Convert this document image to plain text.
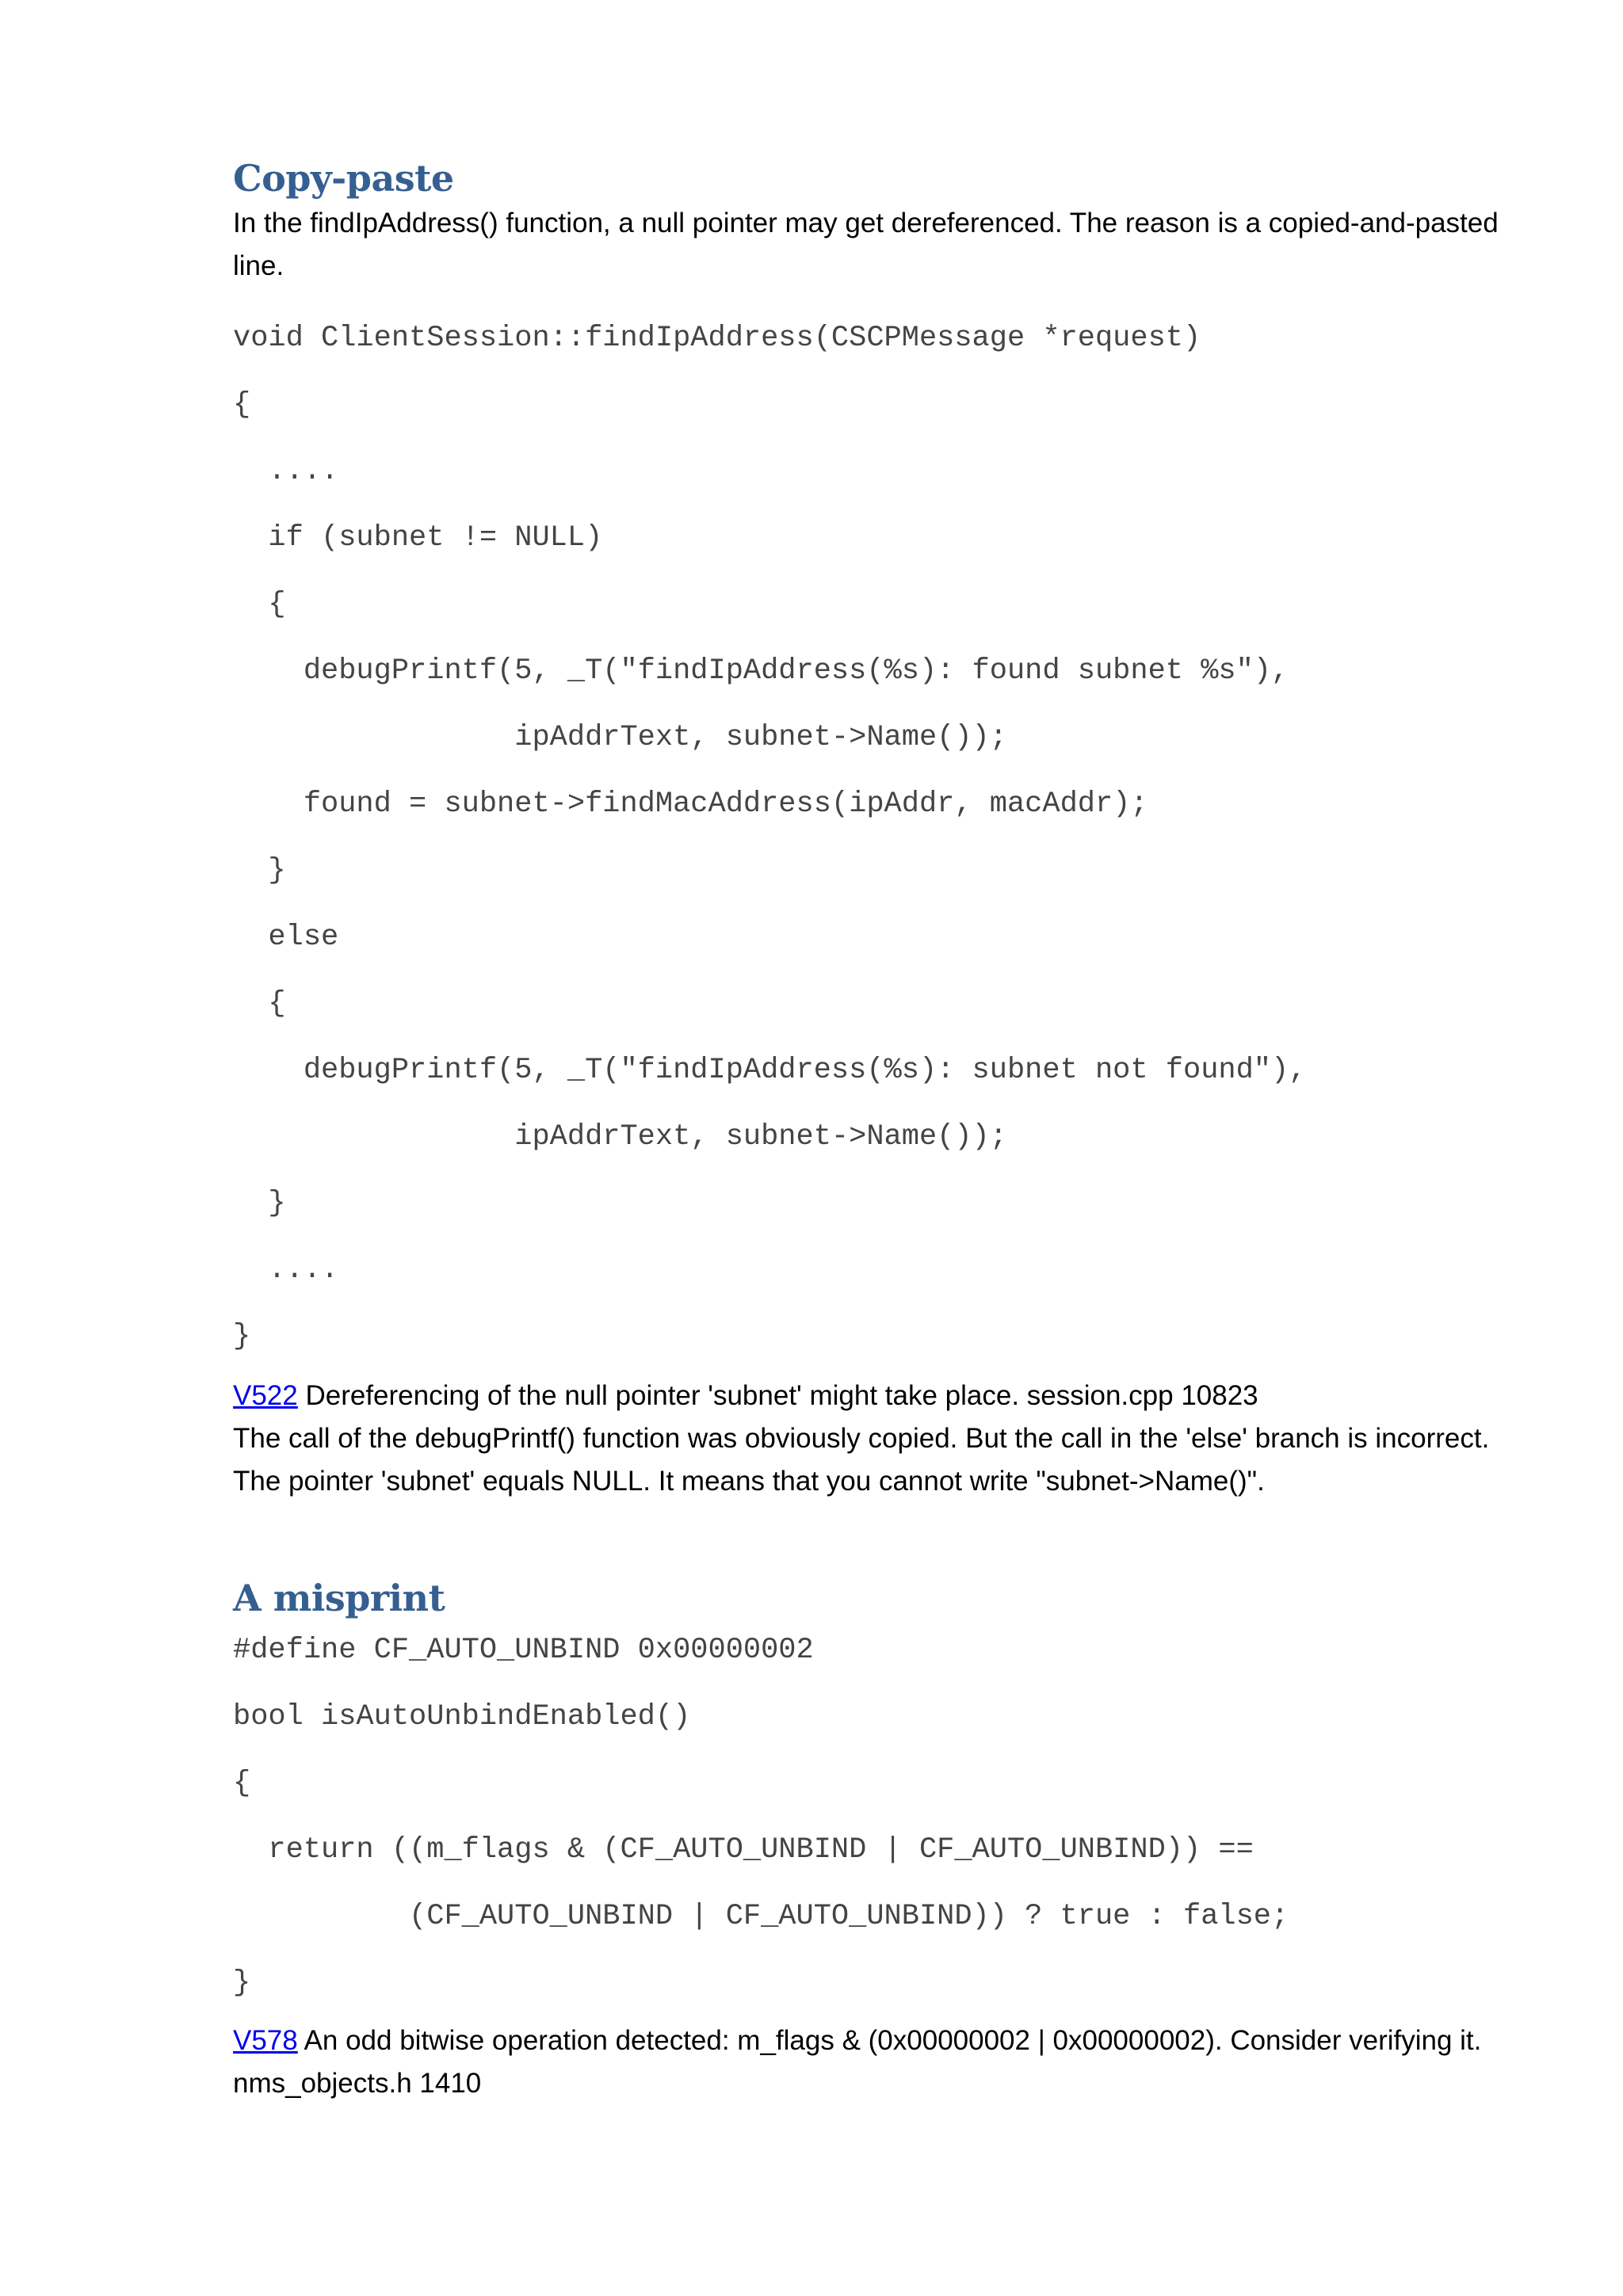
Copy-paste

In the findIpAddress() function, a null pointer may get dereferenced. The reason is a copied-and-pasted line.

void ClientSession::findIpAddress(CSCPMessage *request)
{
....
if (subnet != NULL)
{
debugPrintf(5, _T("findIpAddress(%s): found subnet %s"),
ipAddrText, subnet->Name());
found = subnet->findMacAddress(ipAddr, macAddr);
}
else
{
debugPrintf(5, _T("findIpAddress(%s): subnet not found"),
ipAddrText, subnet->Name());
}
....
}

V522 Dereferencing of the null pointer 'subnet' might take place. session.cpp 10823

The call of the debugPrintf() function was obviously copied. But the call in the 'else' branch is incorrect. The pointer 'subnet' equals NULL. It means that you cannot write "subnet->Name()".

A misprint
#define CF_AUTO_UNBIND 0x00000002
bool isAutoUnbindEnabled()
{
return ((m_flags & (CF_AUTO_UNBIND | CF_AUTO_UNBIND)) ==
(CF_AUTO_UNBIND | CF_AUTO_UNBIND)) ? true : false;
}

V578 An odd bitwise operation detected: m_flags & (0x00000002 | 0x00000002). Consider verifying it. nms_objects.h 1410
